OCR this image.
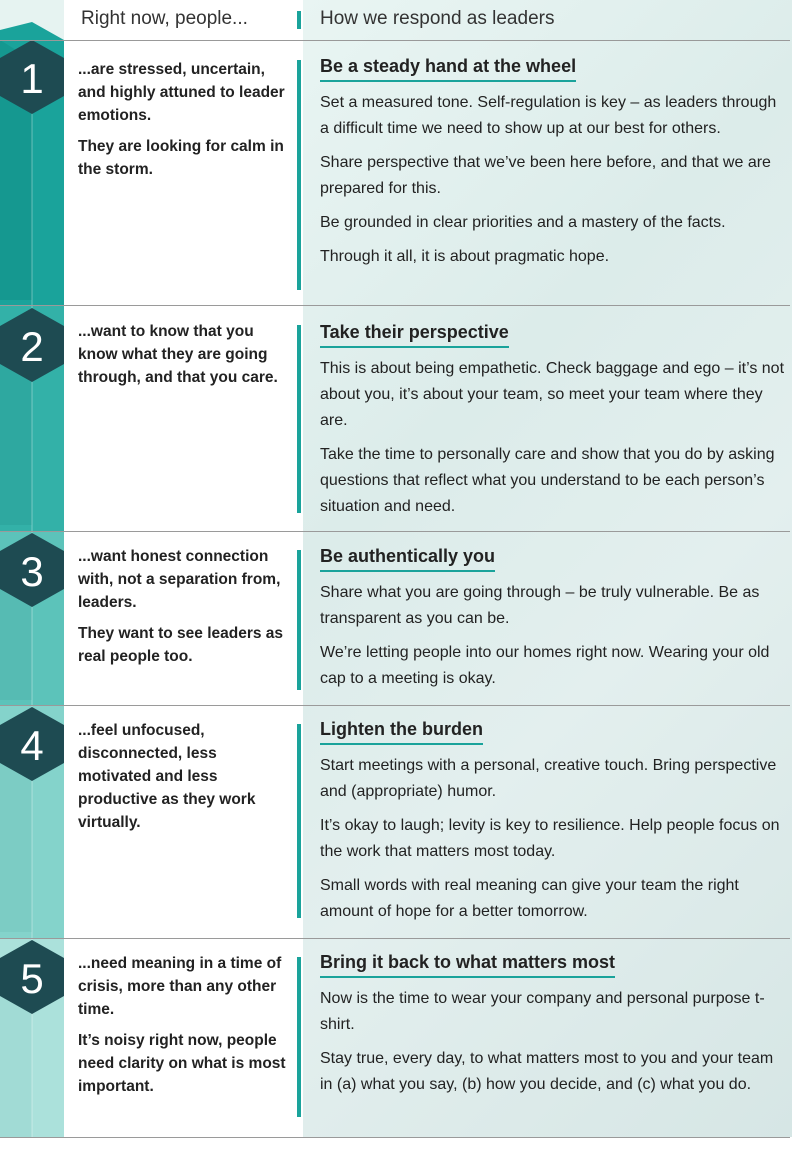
1
2
3
4
5
Right now, people...	How we respond as leaders

...are stressed, uncertain, and highly attuned to leader emotions.

They are looking for calm in the storm.

Be a steady hand at the wheel

Set a measured tone. Self-regulation is key – as leaders through a difficult time we need to show up at our best for others.

Share perspective that we’ve been here before, and that we are prepared for this.

Be grounded in clear priorities and a mastery of the facts.

Through it all, it is about pragmatic hope.

...want to know that you know what they are going through, and that you care.

Take their perspective

This is about being empathetic. Check baggage and ego – it’s not about you, it’s about your team, so meet your team where they are.

Take the time to personally care and show that you do by asking questions that reflect what you understand to be each person’s situation and need.

...want honest connection with, not a separation from, leaders.

They want to see leaders as real people too.

Be authentically you

Share what you are going through – be truly vulnerable. Be as transparent as you can be.

We’re letting people into our homes right now. Wearing your old cap to a meeting is okay.

...feel unfocused, disconnected, less motivated and less productive as they work virtually.

Lighten the burden

Start meetings with a personal, creative touch. Bring perspective and (appropriate) humor.

It’s okay to laugh; levity is key to resilience. Help people focus on the work that matters most today.

Small words with real meaning can give your team the right amount of hope for a better tomorrow.

...need meaning in a time of crisis, more than any other time.

It’s noisy right now, people need clarity on what is most important.

Bring it back to what matters most

Now is the time to wear your company and personal purpose t-shirt.

Stay true, every day, to what matters most to you and your team in (a) what you say, (b) how you decide, and (c) what you do.
